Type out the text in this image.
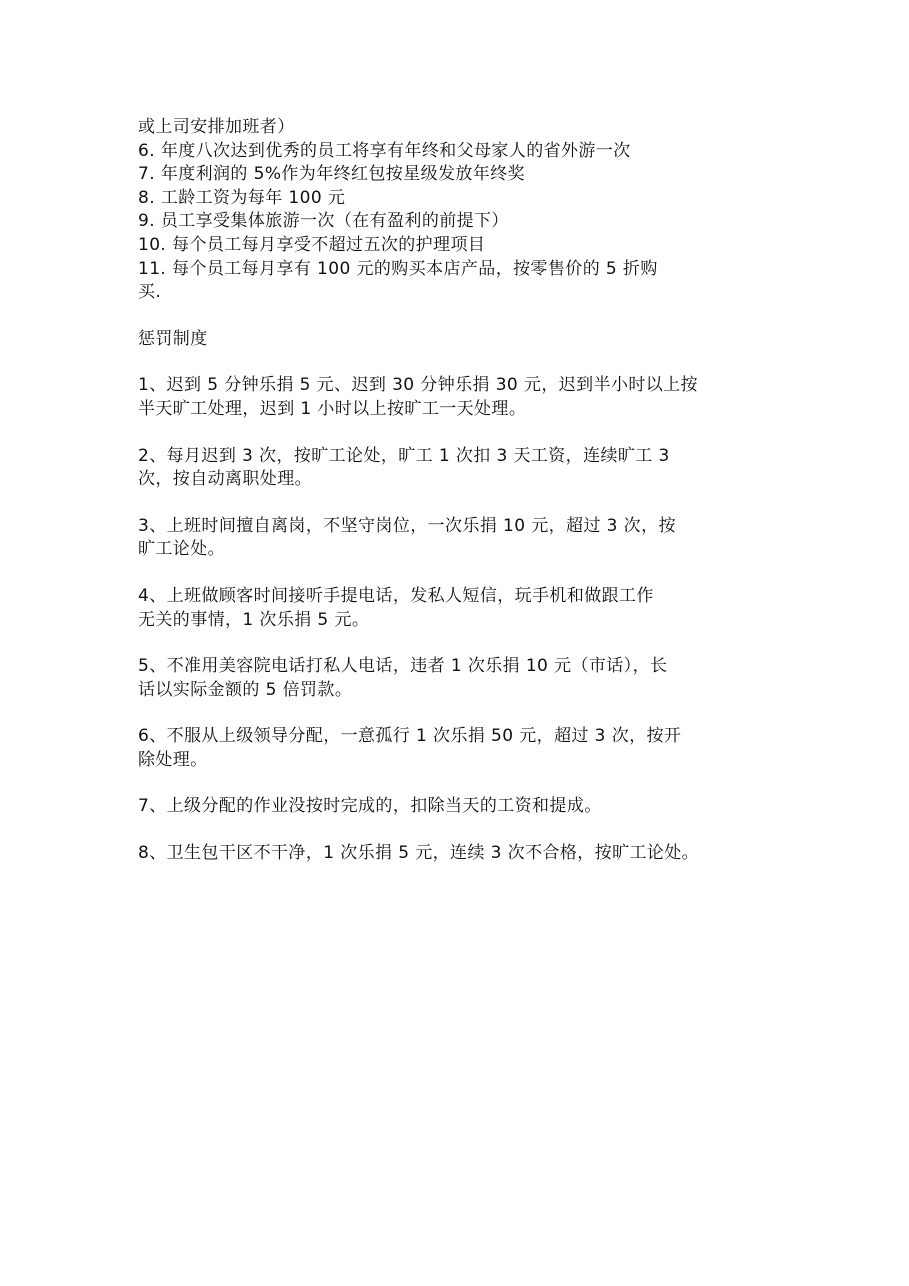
或上司安排加班者）
6. 年度八次达到优秀的员工将享有年终和父母家人的省外游一次
7. 年度利润的 5%作为年终红包按星级发放年终奖
8. 工龄工资为每年 100 元
9. 员工享受集体旅游一次（在有盈利的前提下）
10. 每个员工每月享受不超过五次的护理项目
11. 每个员工每月享有 100 元的购买本店产品，按零售价的 5 折购
买.
惩罚制度
1、迟到 5 分钟乐捐 5 元、迟到 30 分钟乐捐 30 元，迟到半小时以上按
半天旷工处理，迟到 1 小时以上按旷工一天处理。
2、每月迟到 3 次，按旷工论处，旷工 1 次扣 3 天工资，连续旷工 3
次，按自动离职处理。
3、上班时间擅自离岗，不坚守岗位，一次乐捐 10 元，超过 3 次，按
旷工论处。
4、上班做顾客时间接听手提电话，发私人短信，玩手机和做跟工作
无关的事情，1 次乐捐 5 元。
5、不准用美容院电话打私人电话，违者 1 次乐捐 10 元（市话），长
话以实际金额的 5 倍罚款。
6、不服从上级领导分配，一意孤行 1 次乐捐 50 元，超过 3 次，按开
除处理。
7、上级分配的作业没按时完成的，扣除当天的工资和提成。
8、卫生包干区不干净，1 次乐捐 5 元，连续 3 次不合格，按旷工论处。
